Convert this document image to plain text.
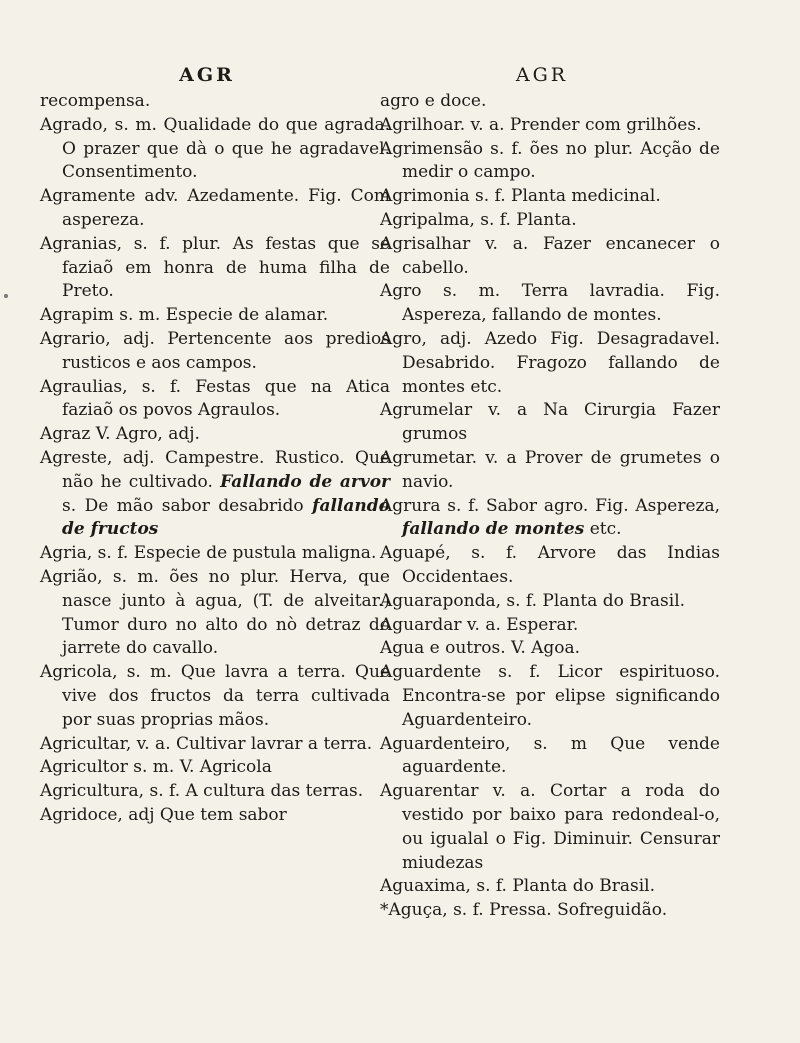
AGR

recompensa.

Agrado, s. m. Qualidade do que agrada. O prazer que dà o que he agradavel. Consentimento.

Agramente adv. Azedamente. Fig. Com aspereza.

Agranias, s. f. plur. As festas que se faziaõ em honra de huma filha de Preto.

Agrapim s. m. Especie de alamar.

Agrario, adj. Pertencente aos predios rusticos e aos campos.

Agraulias, s. f. Festas que na Atica faziaõ os povos Agraulos.

Agraz V. Agro, adj.

Agreste, adj. Campestre. Rustico. Que não he cultivado. Fallando de arvor s. De mão sabor desabrido fallando de fructos

Agria, s. f. Especie de pustula maligna.

Agrião, s. m. ões no plur. Herva, que nasce junto à agua, (T. de alveitar.) Tumor duro no alto do nò detraz do jarrete do cavallo.

Agricola, s. m. Que lavra a terra. Que vive dos fructos da terra cultivada por suas proprias mãos.

Agricultar, v. a. Cultivar lavrar a terra.

Agricultor s. m. V. Agricola

Agricultura, s. f. A cultura das terras.

Agridoce, adj Que tem sabor

AGR

agro e doce.

Agrilhoar. v. a. Prender com grilhões.

Agrimensão s. f. ões no plur. Acção de medir o campo.

Agrimonia s. f. Planta medicinal.

Agripalma, s. f. Planta.

Agrisalhar v. a. Fazer encanecer o cabello.

Agro s. m. Terra lavradia. Fig. Aspereza, fallando de montes.

Agro, adj. Azedo Fig. Desagradavel. Desabrido. Fragozo fallando de montes etc.

Agrumelar v. a Na Cirurgia Fazer grumos

Agrumetar. v. a Prover de grumetes o navio.

Agrura s. f. Sabor agro. Fig. Aspereza, fallando de montes etc.

Aguapé, s. f. Arvore das Indias Occidentaes.

Aguaraponda, s. f. Planta do Brasil.

Aguardar v. a. Esperar.

Agua e outros. V. Agoa.

Aguardente s. f. Licor espirituoso. Encontra-se por elipse significando Aguardenteiro.

Aguardenteiro, s. m Que vende aguardente.

Aguarentar v. a. Cortar a roda do vestido por baixo para redondeal-o, ou igualal o Fig. Diminuir. Censurar miudezas

Aguaxima, s. f. Planta do Brasil.

*Aguça, s. f. Pressa. Sofreguidão.
